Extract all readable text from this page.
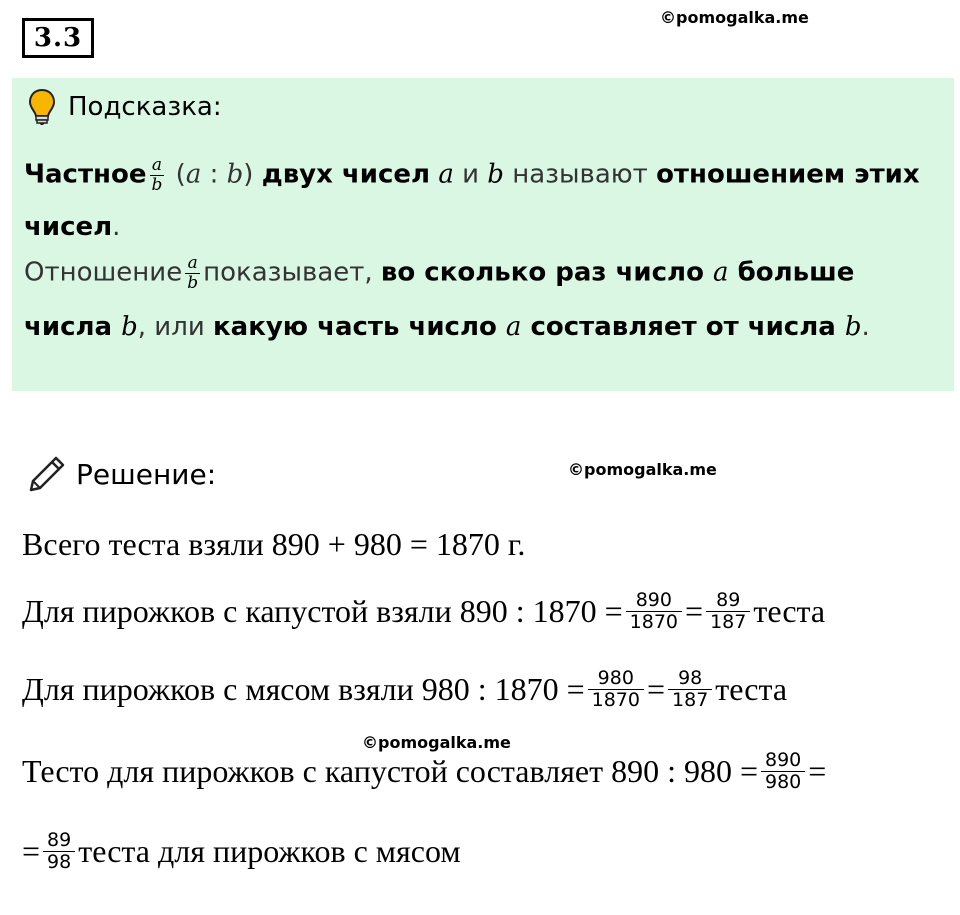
3.3
©pomogalka.me
Подсказка:
Частное $\frac{a}{b} (a$ : b) двух чисел a и b называют отношением этих
чисел.
Отношение $\frac{a}{b}$ показывает, во сколько раз число a больше
числа b, или какую часть число a составляет от числа b.
Решение:	©pomogalka.me
Всего теста взяли 890 + 980 = 1870 г.
Для пирожков с капустой взяли 890 : $1870 = \frac{890}{1870} = \frac{89}{187}$ теста
Для пирожков с мясом взяли 980 : $1870 = \frac{980}{1870} = \frac{98}{187}$ теста
©pomogalka.me
Тесто для пирожков с капустой составляет 890 : $980 = \frac{890}{980}$ =
= $\frac{89}{98}$ теста для пирожков с мясом
